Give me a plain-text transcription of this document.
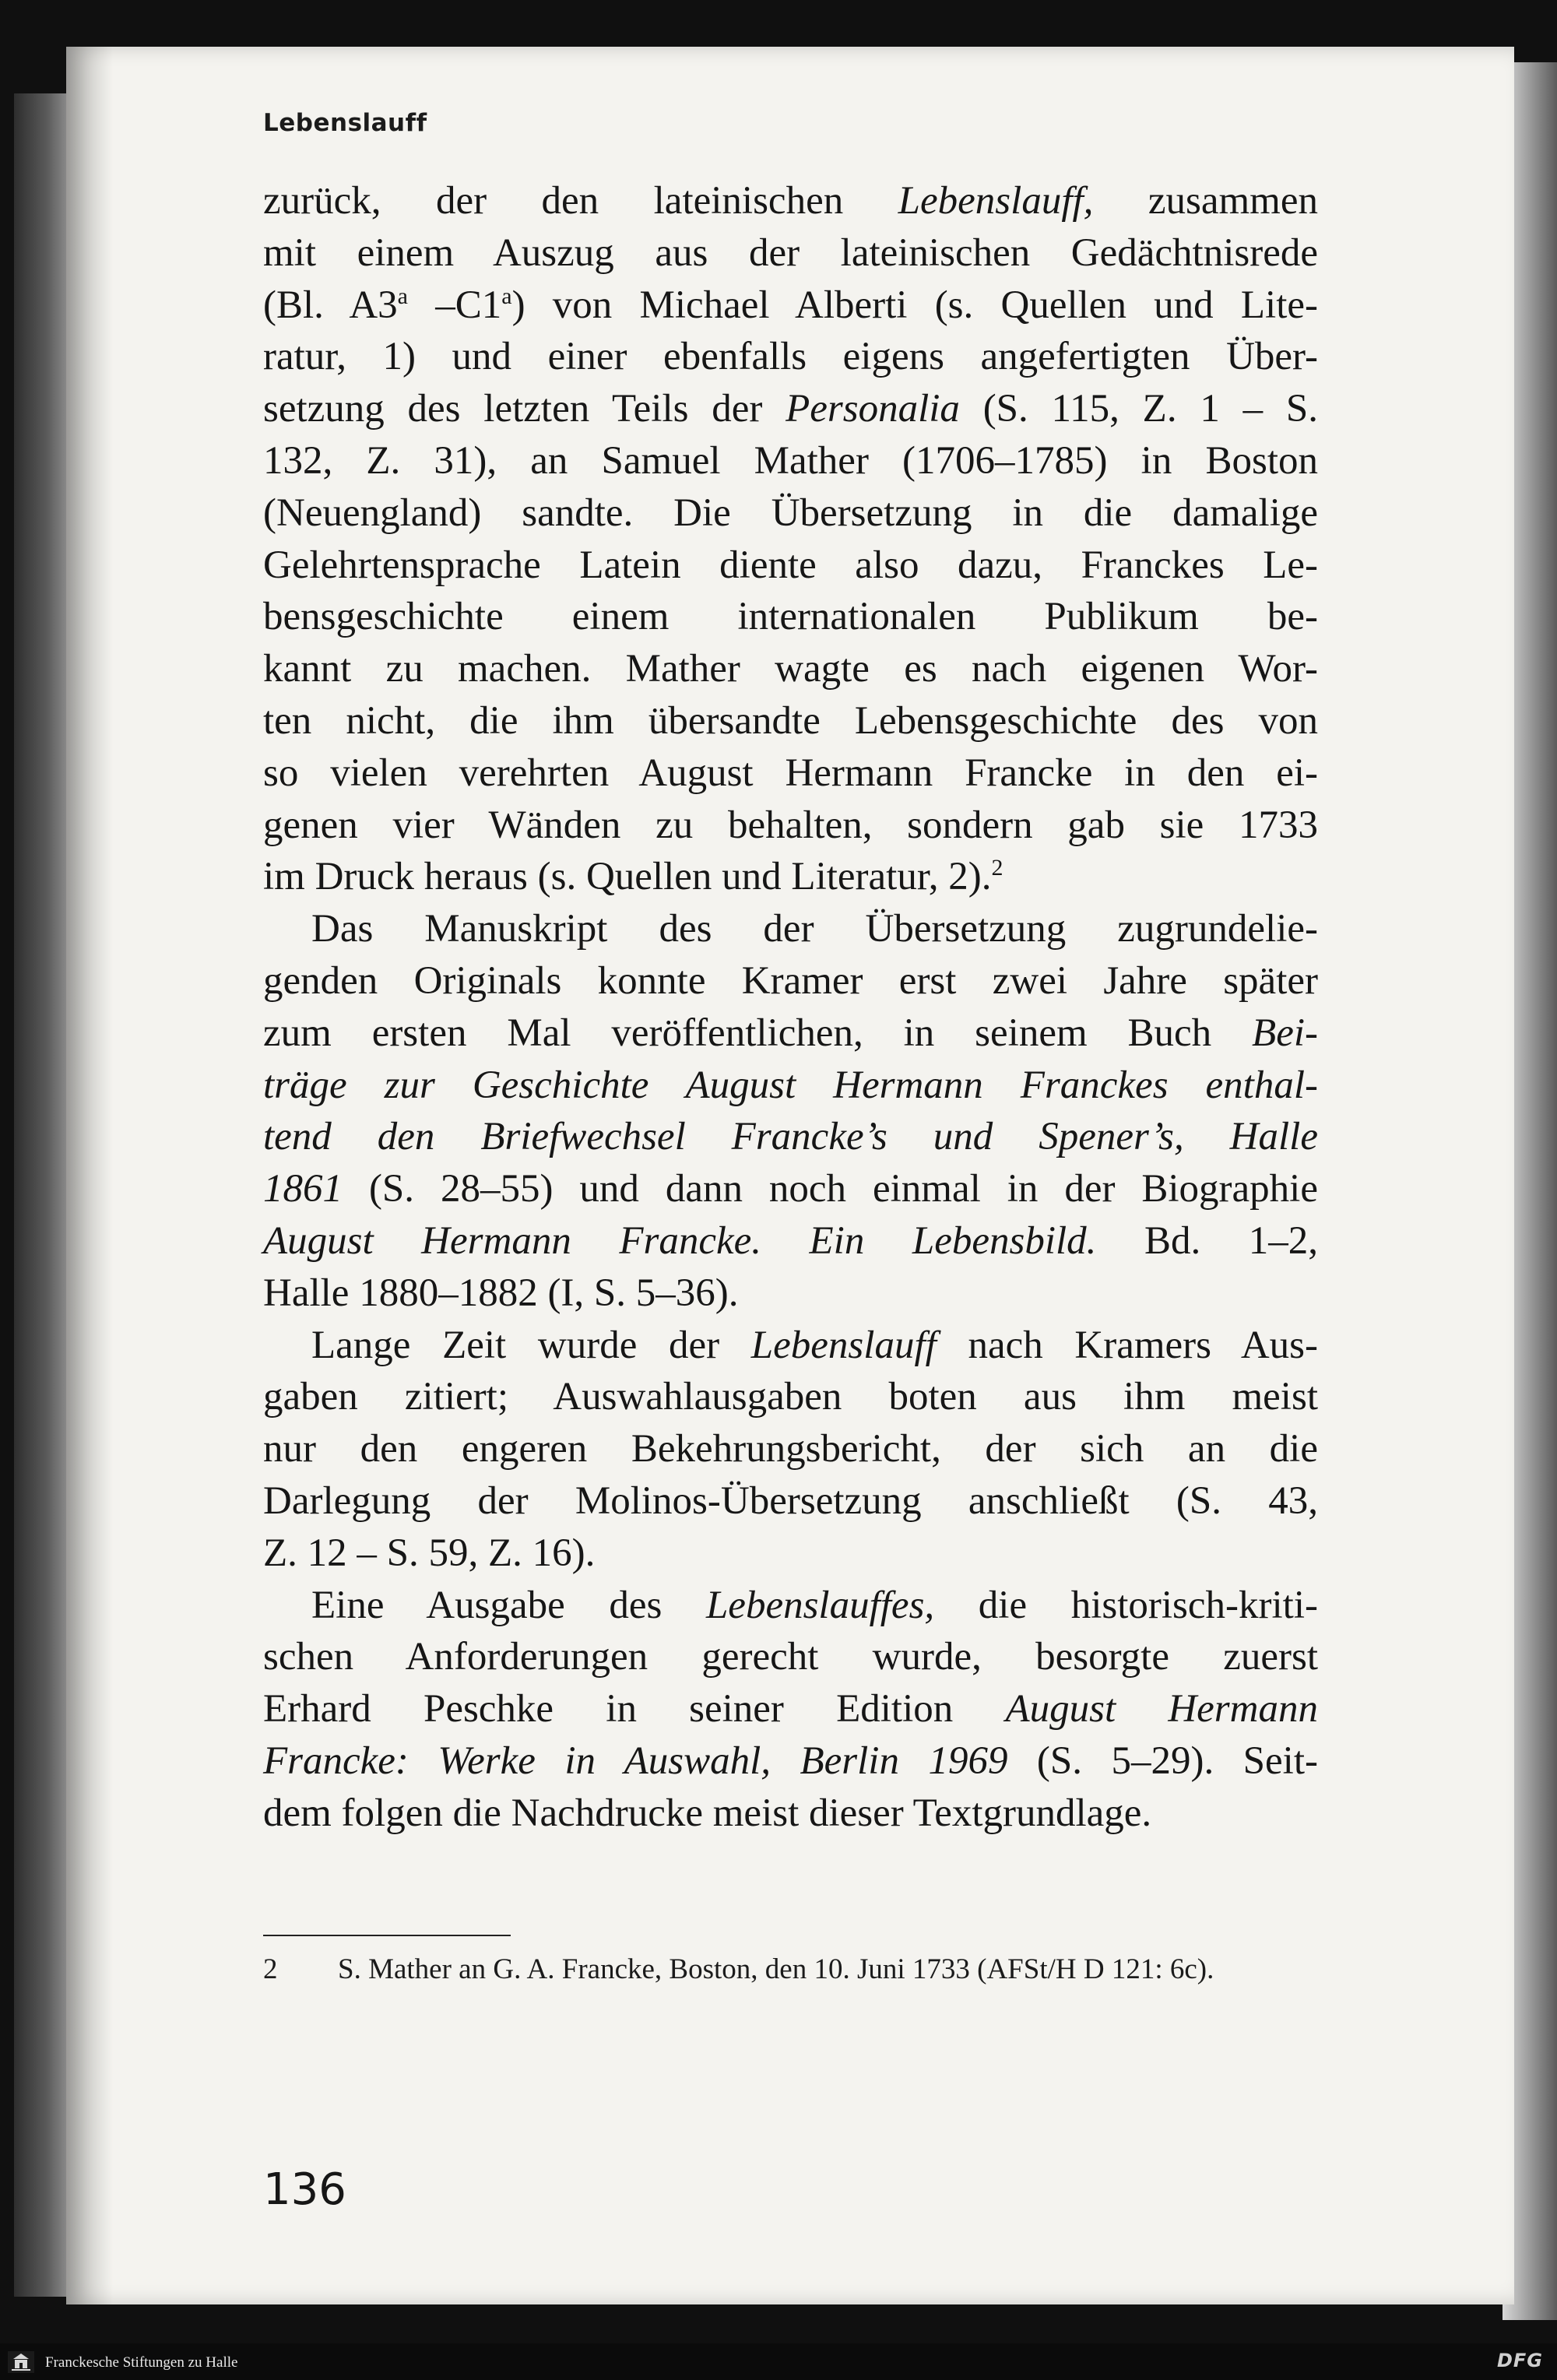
Lebenslauff
zurück, der den lateinischen Lebenslauff, zusammen
mit einem Auszug aus der lateinischen Gedächtnisrede
(Bl. A3$^a$ –C1$^a$) von Michael Alberti (s. Quellen und Lite-
ratur, 1) und einer ebenfalls eigens angefertigten Über-
setzung des letzten Teils der Personalia (S. 115, Z. 1 – S.
132, Z. 31), an Samuel Mather (1706–1785) in Boston
(Neuengland) sandte. Die Übersetzung in die damalige
Gelehrtensprache Latein diente also dazu, Franckes Le-
bensgeschichte einem internationalen Publikum be-
kannt zu machen. Mather wagte es nach eigenen Wor-
ten nicht, die ihm übersandte Lebensgeschichte des von
so vielen verehrten August Hermann Francke in den ei-
genen vier Wänden zu behalten, sondern gab sie 1733
im Druck heraus (s. Quellen und Literatur, 2).$^2$
Das Manuskript des der Übersetzung zugrundelie-
genden Originals konnte Kramer erst zwei Jahre später
zum ersten Mal veröffentlichen, in seinem Buch Bei-
träge zur Geschichte August Hermann Franckes enthal-
tend den Briefwechsel Francke’s und Spener’s, Halle
1861 (S. 28–55) und dann noch einmal in der Biographie
August Hermann Francke. Ein Lebensbild. Bd. 1–2,
Halle 1880–1882 (I, S. 5–36).
Lange Zeit wurde der Lebenslauff nach Kramers Aus-
gaben zitiert; Auswahlausgaben boten aus ihm meist
nur den engeren Bekehrungsbericht, der sich an die
Darlegung der Molinos-Übersetzung anschließt (S. 43,
Z. 12 – S. 59, Z. 16).
Eine Ausgabe des Lebenslauffes, die historisch-kriti-
schen Anforderungen gerecht wurde, besorgte zuerst
Erhard Peschke in seiner Edition August Hermann
Francke: Werke in Auswahl, Berlin 1969 (S. 5–29). Seit-
dem folgen die Nachdrucke meist dieser Textgrundlage.
2 S. Mather an G. A. Francke, Boston, den 10. Juni 1733 (AFSt/H D 121: 6c).
136
Franckesche Stiftungen zu Halle	DFG
